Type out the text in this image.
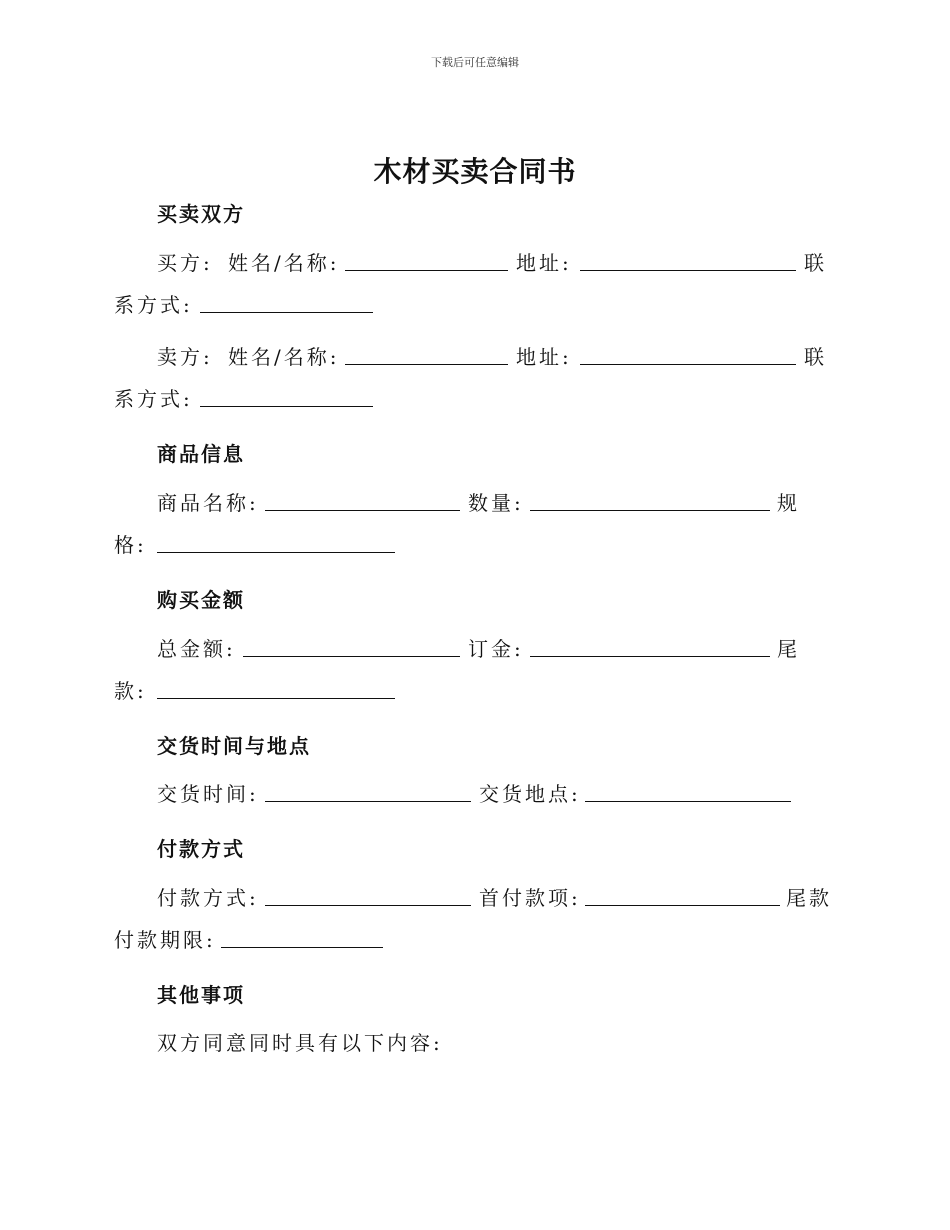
下载后可任意编辑
木材买卖合同书
买卖双方
买方: 姓名/名称:	地址:	联
系方式:
卖方: 姓名/名称:	地址:	联
系方式:
商品信息
商品名称:	数量:	规
格:
购买金额
总金额:	订金:	尾
款:
交货时间与地点
交货时间:	交货地点:
付款方式
付款方式:	首付款项:	尾款
付款期限:
其他事项
双方同意同时具有以下内容:
